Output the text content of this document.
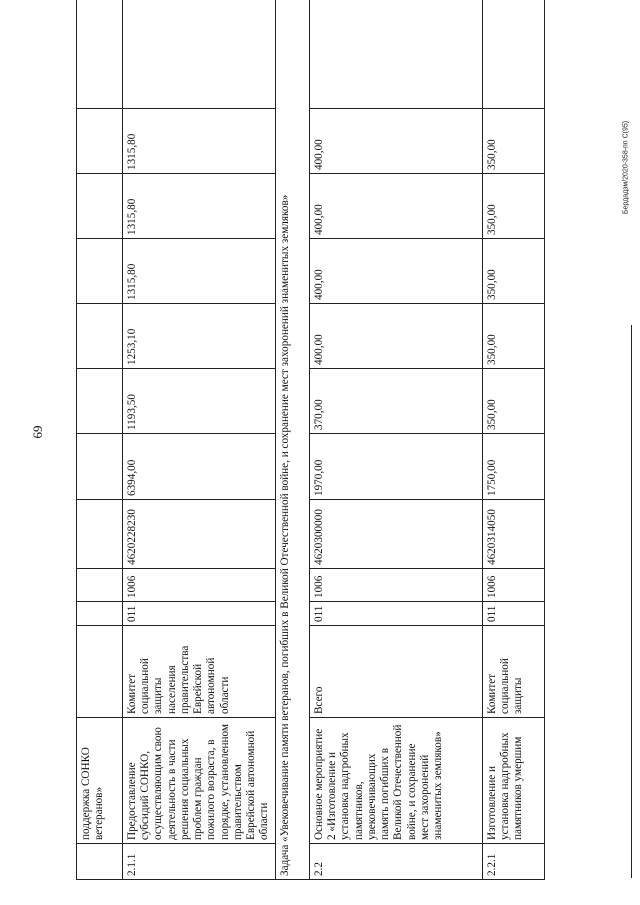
69
Бердадзм/2020-358-пп С(95)
	поддержка СОНКО ветеранов»											
2.1.1	Предоставление субсидий СОНКО, осуществляющим свою деятельность в части решения социальных проблем граждан пожилого возраста, в порядке, установленном правительством Еврейской автономной области	Комитет социальной защиты населения правительства Еврейской автономной области	011	1006	4620228230	6394,00	1193,50	1253,10	1315,80	1315,80	1315,80	
Задача «Увековечивание памяти ветеранов, погибших в Великой Отечественной войне, и сохранение мест захоронений знаменитых земляков»												
2.2	Основное мероприятие 2 «Изготовление и установка надгробных памятников, увековечивающих память погибших в Великой Отечественной войне, и сохранение мест захоронений знаменитых земляков»	Всего	011	1006	4620300000	1970,00	370,00	400,00	400,00	400,00	400,00	
2.2.1	Изготовление и установка надгробных памятников умершим	Комитет социальной защиты	011	1006	4620314050	1750,00	350,00	350,00	350,00	350,00	350,00	
